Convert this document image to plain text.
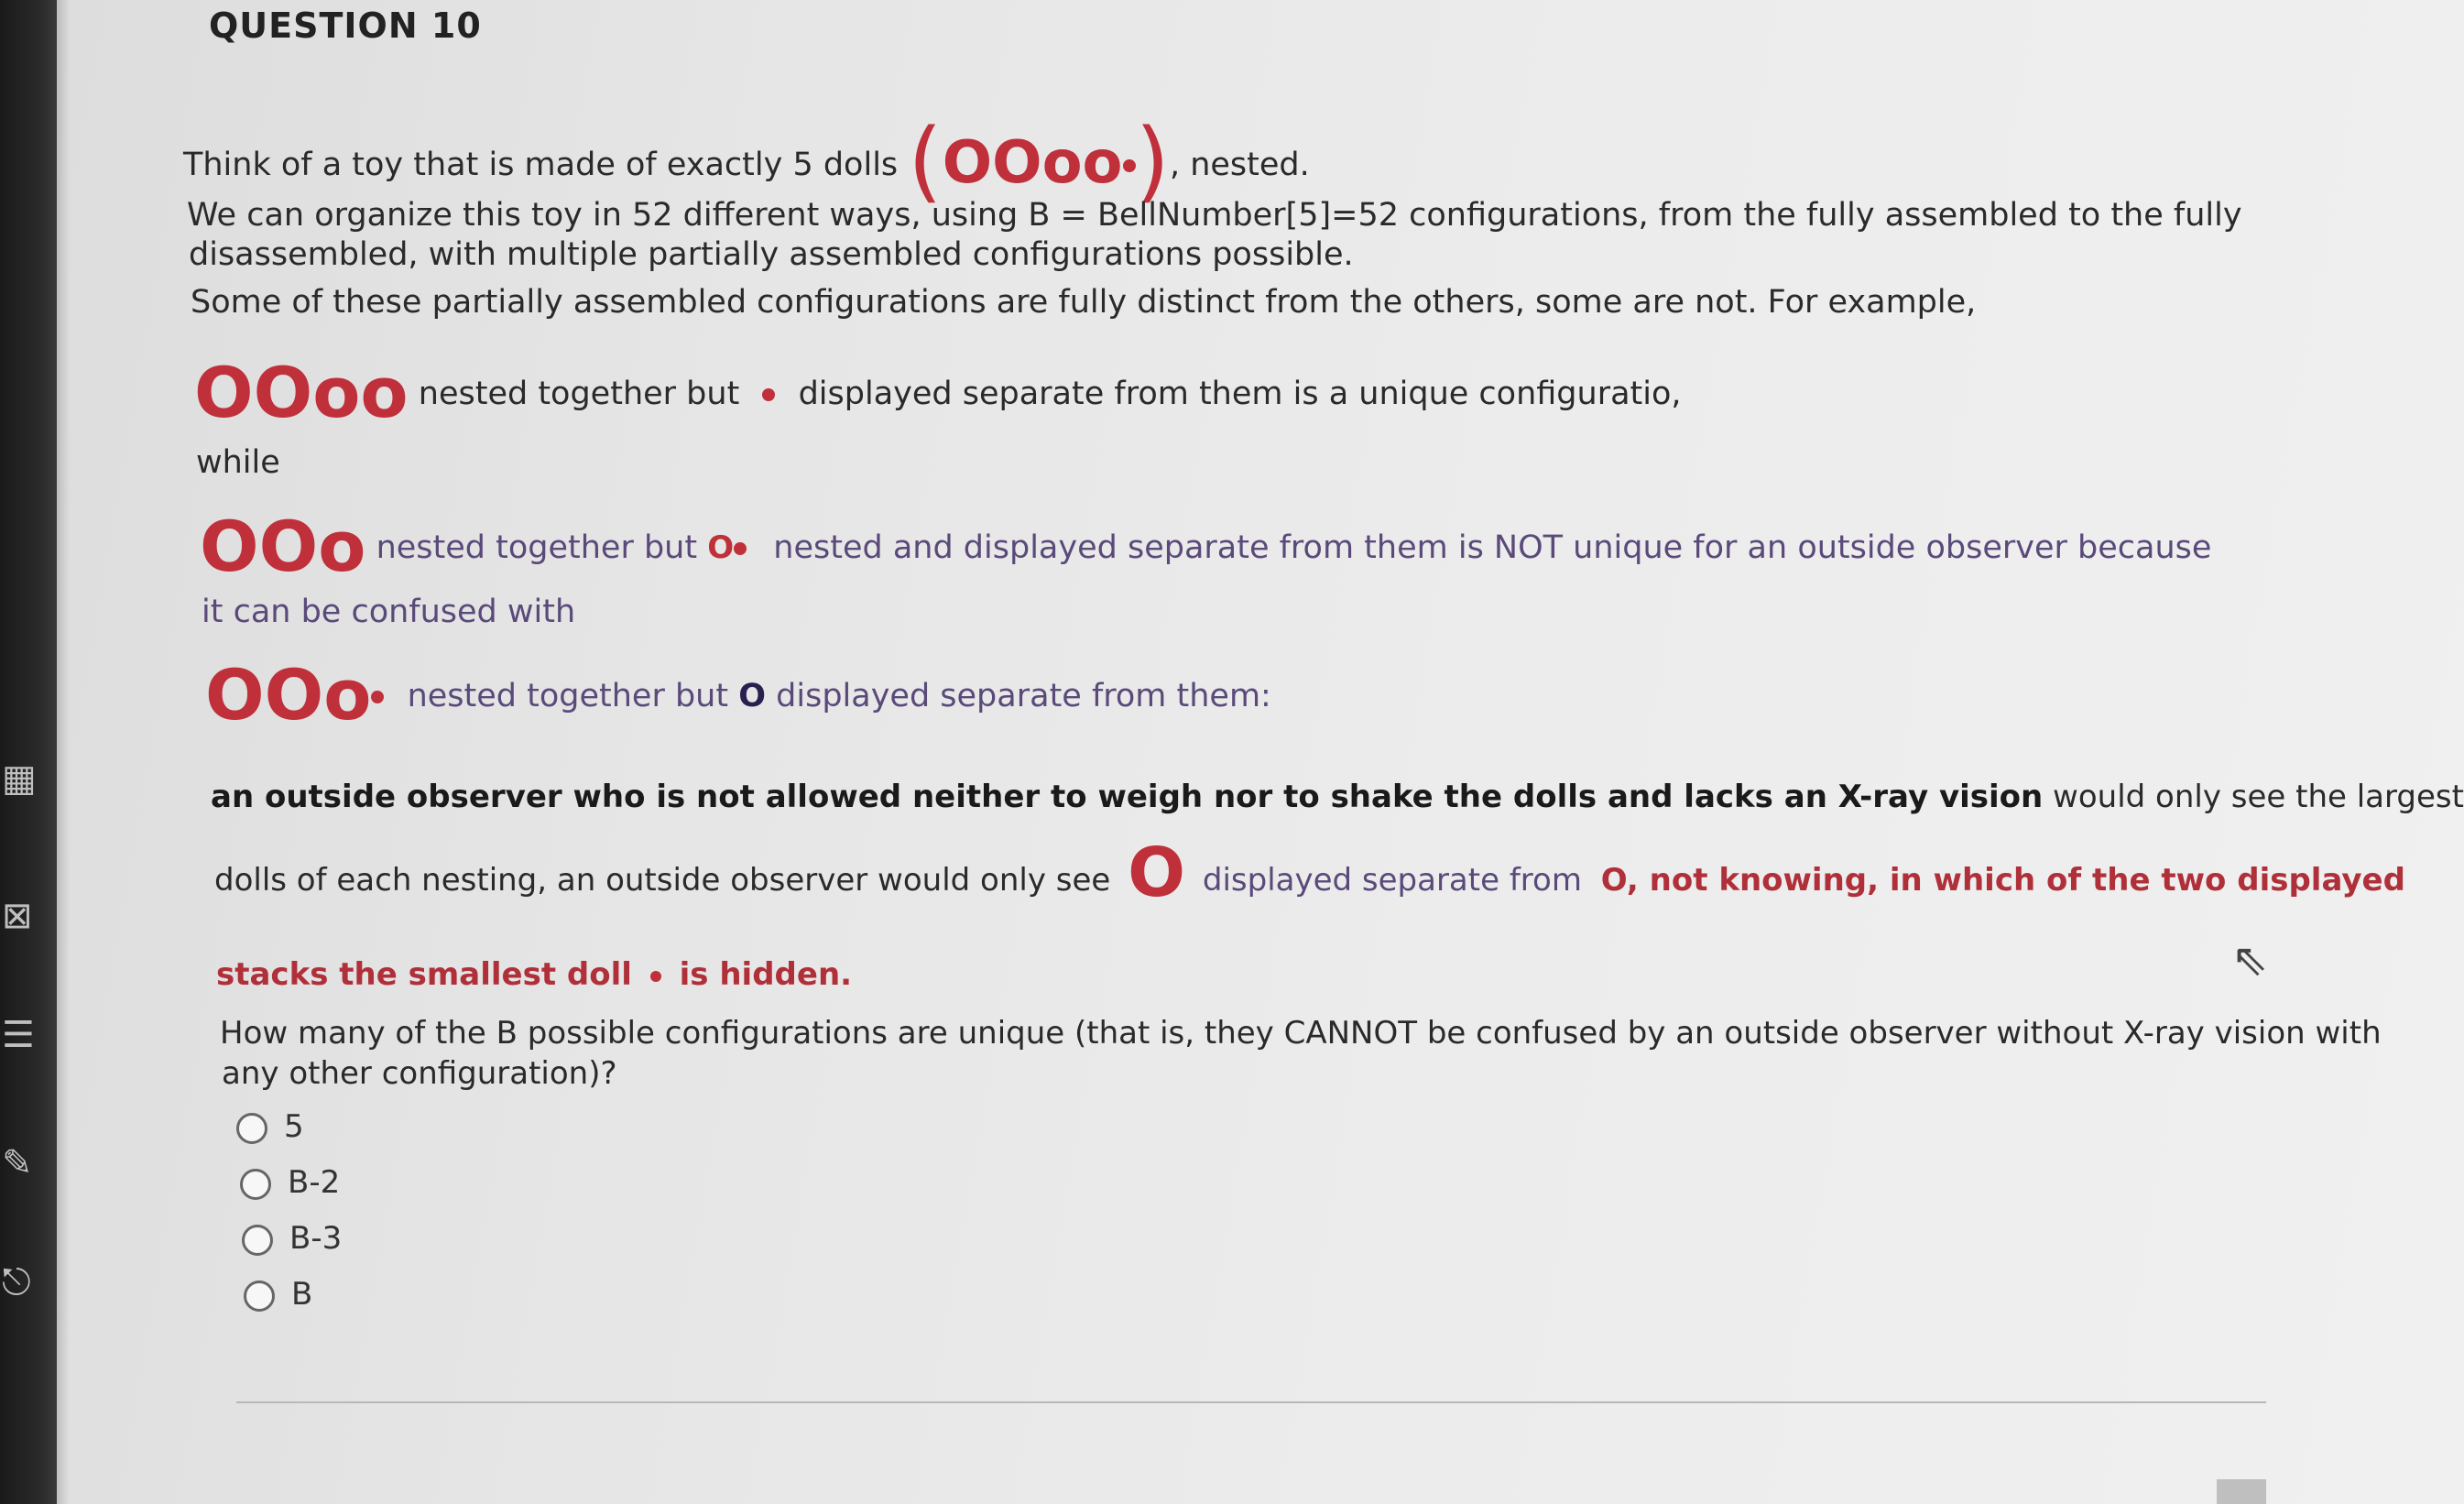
▦
⊠
☰
✎
⎋
QUESTION 10
Think of a toy that is made of exactly 5 dolls (OOoo ), nested.
We can organize this toy in 52 different ways, using B = BellNumber[5]=52 configurations, from the fully assembled to the fully
disassembled, with multiple partially assembled configurations possible.
Some of these partially assembled configurations are fully distinct from the others, some are not. For example,
OOoo nested together but displayed separate from them is a unique configuratio,
while
OOo nested together but O nested and displayed separate from them is NOT unique for an outside observer because
it can be confused with
OOo nested together but O displayed separate from them:
an outside observer who is not allowed neither to weigh nor to shake the dolls and lacks an X-ray vision would only see the largest
dolls of each nesting, an outside observer would only see O displayed separate from O, not knowing, in which of the two displayed
stacks the smallest doll is hidden.
How many of the B possible configurations are unique (that is, they CANNOT be confused by an outside observer without X-ray vision with
any other configuration)?
5
B-2
B-3
B
⇖
